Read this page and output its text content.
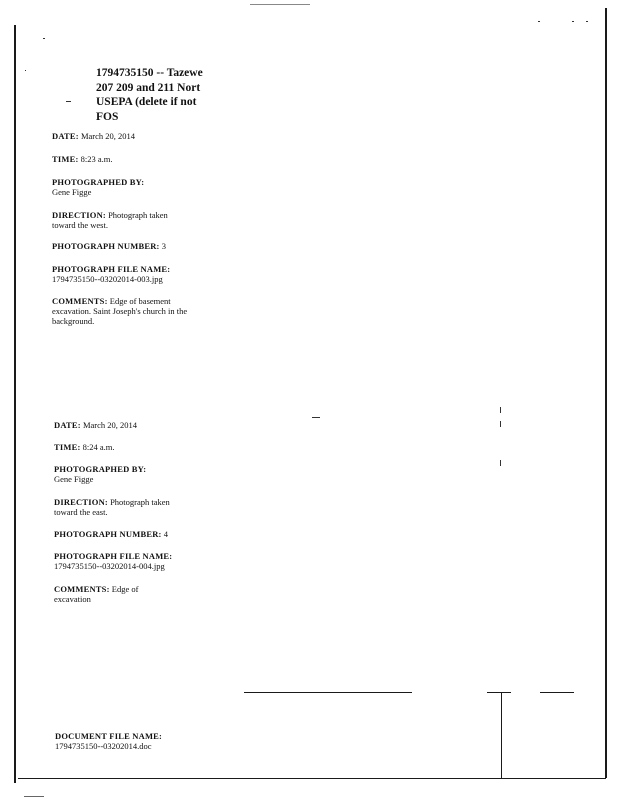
1794735150 -- Tazewe
207 209 and 211 Nort
USEPA (delete if not
FOS
DATE: March 20, 2014
TIME: 8:23 a.m.
PHOTOGRAPHED BY:
Gene Figge
DIRECTION: Photograph taken toward the west.
PHOTOGRAPH NUMBER: 3
PHOTOGRAPH FILE NAME:
1794735150--03202014-003.jpg
COMMENTS: Edge of basement excavation. Saint Joseph's church in the background.
DATE: March 20, 2014
TIME: 8:24 a.m.
PHOTOGRAPHED BY:
Gene Figge
DIRECTION: Photograph taken toward the east.
PHOTOGRAPH NUMBER: 4
PHOTOGRAPH FILE NAME:
1794735150--03202014-004.jpg
COMMENTS: Edge of excavation
DOCUMENT FILE NAME:
1794735150--03202014.doc
